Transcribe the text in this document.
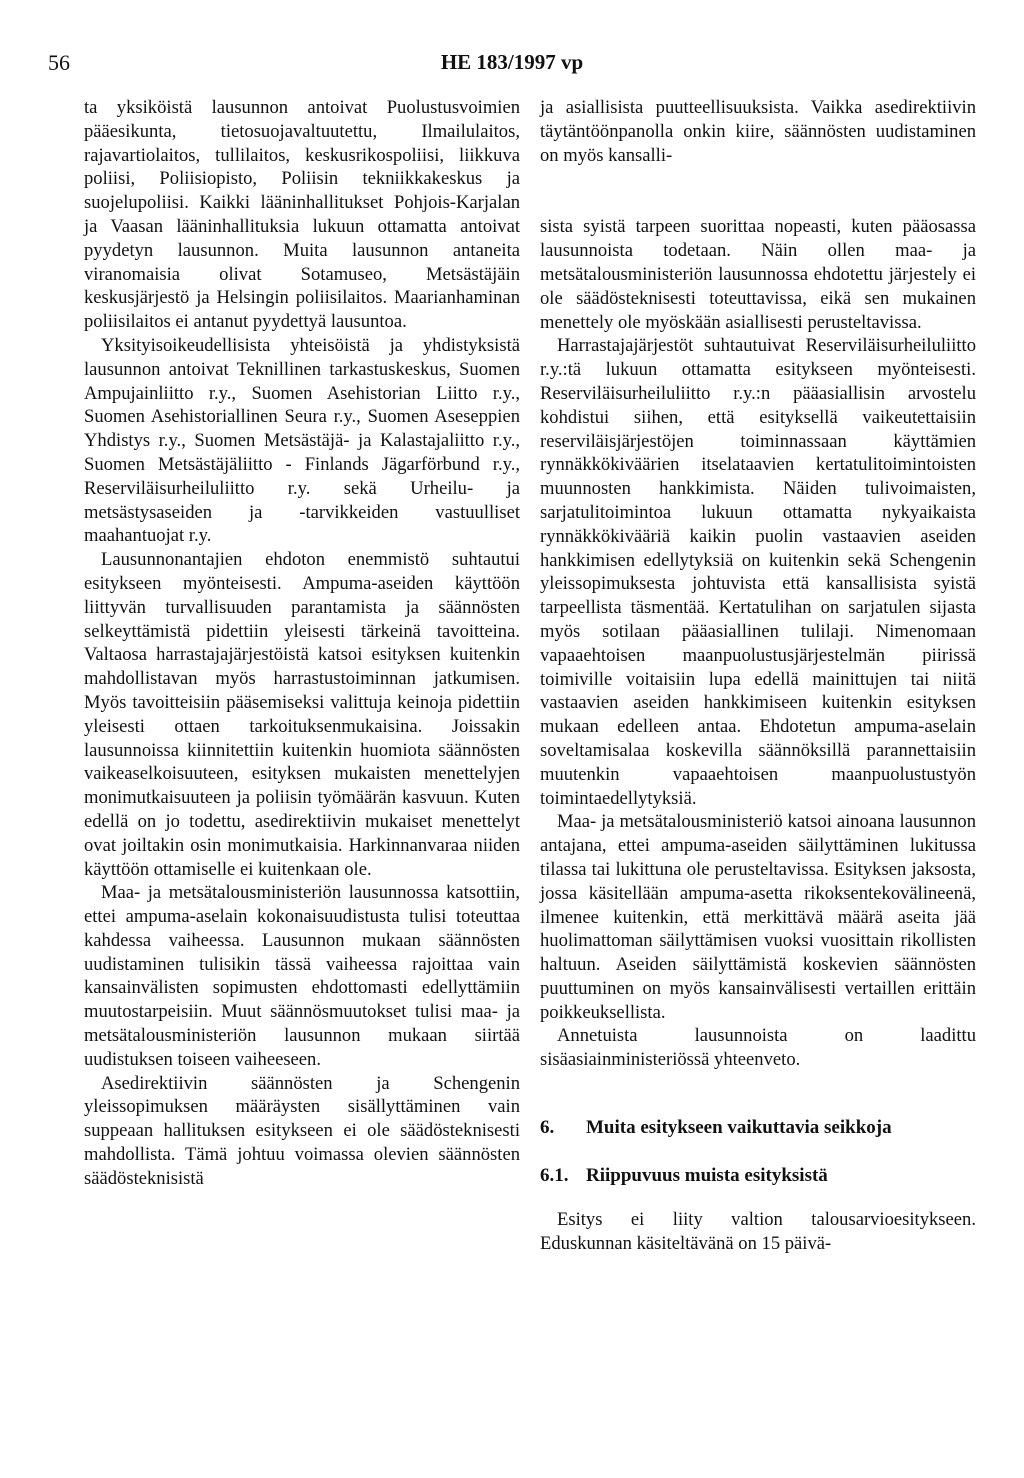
56	HE 183/1997 vp

ta yksiköistä lausunnon antoivat Puolustusvoimien pääesikunta, tietosuojavaltuutettu, Ilmailulaitos, rajavartiolaitos, tullilaitos, keskusrikospoliisi, liikkuva poliisi, Poliisiopisto, Poliisin tekniikkakeskus ja suojelupoliisi. Kaikki lääninhallitukset Pohjois-Karjalan ja Vaasan lääninhallituksia lukuun ottamatta antoivat pyydetyn lausunnon. Muita lausunnon antaneita viranomaisia olivat Sotamuseo, Metsästäjäin keskusjärjestö ja Helsingin poliisilaitos. Maarianhaminan poliisilaitos ei antanut pyydettyä lausuntoa.

Yksityisoikeudellisista yhteisöistä ja yhdistyksistä lausunnon antoivat Teknillinen tarkastuskeskus, Suomen Ampujainliitto r.y., Suomen Asehistorian Liitto r.y., Suomen Asehistoriallinen Seura r.y., Suomen Aseseppien Yhdistys r.y., Suomen Metsästäjä- ja Kalastajaliitto r.y., Suomen Metsästäjäliitto - Finlands Jägarförbund r.y., Reserviläisurheiluliitto r.y. sekä Urheilu- ja metsästysaseiden ja -tarvikkeiden vastuulliset maahantuojat r.y.

Lausunnonantajien ehdoton enemmistö suhtautui esitykseen myönteisesti. Ampuma-aseiden käyttöön liittyvän turvallisuuden parantamista ja säännösten selkeyttämistä pidettiin yleisesti tärkeinä tavoitteina. Valtaosa harrastajajärjestöistä katsoi esityksen kuitenkin mahdollistavan myös harrastustoiminnan jatkumisen. Myös tavoitteisiin pääsemiseksi valittuja keinoja pidettiin yleisesti ottaen tarkoituksenmukaisina. Joissakin lausunnoissa kiinnitettiin kuitenkin huomiota säännösten vaikeaselkoisuuteen, esityksen mukaisten menettelyjen monimutkaisuuteen ja poliisin työmäärän kasvuun. Kuten edellä on jo todettu, asedirektiivin mukaiset menettelyt ovat joiltakin osin monimutkaisia. Harkinnanvaraa niiden käyttöön ottamiselle ei kuitenkaan ole.

Maa- ja metsätalousministeriön lausunnossa katsottiin, ettei ampuma-aselain kokonaisuudistusta tulisi toteuttaa kahdessa vaiheessa. Lausunnon mukaan säännösten uudistaminen tulisikin tässä vaiheessa rajoittaa vain kansainvälisten sopimusten ehdottomasti edellyttämiin muutostarpeisiin. Muut säännösmuutokset tulisi maa- ja metsätalousministeriön lausunnon mukaan siirtää uudistuksen toiseen vaiheeseen.

Asedirektiivin säännösten ja Schengenin yleissopimuksen määräysten sisällyttäminen vain suppeaan hallituksen esitykseen ei ole säädösteknisesti mahdollista. Tämä johtuu voimassa olevien säännösten säädösteknisistä

ja asiallisista puutteellisuuksista. Vaikka asedirektiivin täytäntöönpanolla onkin kiire, säännösten uudistaminen on myös kansalli-

sista syistä tarpeen suorittaa nopeasti, kuten pääosassa lausunnoista todetaan. Näin ollen maa- ja metsätalousministeriön lausunnossa ehdotettu järjestely ei ole säädösteknisesti toteuttavissa, eikä sen mukainen menettely ole myöskään asiallisesti perusteltavissa.

Harrastajajärjestöt suhtautuivat Reserviläisurheiluliitto r.y.:tä lukuun ottamatta esitykseen myönteisesti. Reserviläisurheiluliitto r.y.:n pääasiallisin arvostelu kohdistui siihen, että esityksellä vaikeutettaisiin reserviläisjärjestöjen toiminnassaan käyttämien rynnäkkökiväärien itselataavien kertatulitoimintoisten muunnosten hankkimista. Näiden tulivoimaisten, sarjatulitoimintoa lukuun ottamatta nykyaikaista rynnäkkökivääriä kaikin puolin vastaavien aseiden hankkimisen edellytyksiä on kuitenkin sekä Schengenin yleissopimuksesta johtuvista että kansallisista syistä tarpeellista täsmentää. Kertatulihan on sarjatulen sijasta myös sotilaan pääasiallinen tulilaji. Nimenomaan vapaaehtoisen maanpuolustusjärjestelmän piirissä toimiville voitaisiin lupa edellä mainittujen tai niitä vastaavien aseiden hankkimiseen kuitenkin esityksen mukaan edelleen antaa. Ehdotetun ampuma-aselain soveltamisalaa koskevilla säännöksillä parannettaisiin muutenkin vapaaehtoisen maanpuolustustyön toimintaedellytyksiä.

Maa- ja metsätalousministeriö katsoi ainoana lausunnon antajana, ettei ampuma-aseiden säilyttäminen lukitussa tilassa tai lukittuna ole perusteltavissa. Esityksen jaksosta, jossa käsitellään ampuma-asetta rikoksentekovälineenä, ilmenee kuitenkin, että merkittävä määrä aseita jää huolimattoman säilyttämisen vuoksi vuosittain rikollisten haltuun. Aseiden säilyttämistä koskevien säännösten puuttuminen on myös kansainvälisesti vertaillen erittäin poikkeuksellista.

Annetuista lausunnoista on laadittu sisäasiainministeriössä yhteenveto.

6.	Muita esitykseen vaikuttavia seikkoja
6.1. Riippuvuus muista esityksistä

Esitys ei liity valtion talousarvioesitykseen. Eduskunnan käsiteltävänä on 15 päivä-
